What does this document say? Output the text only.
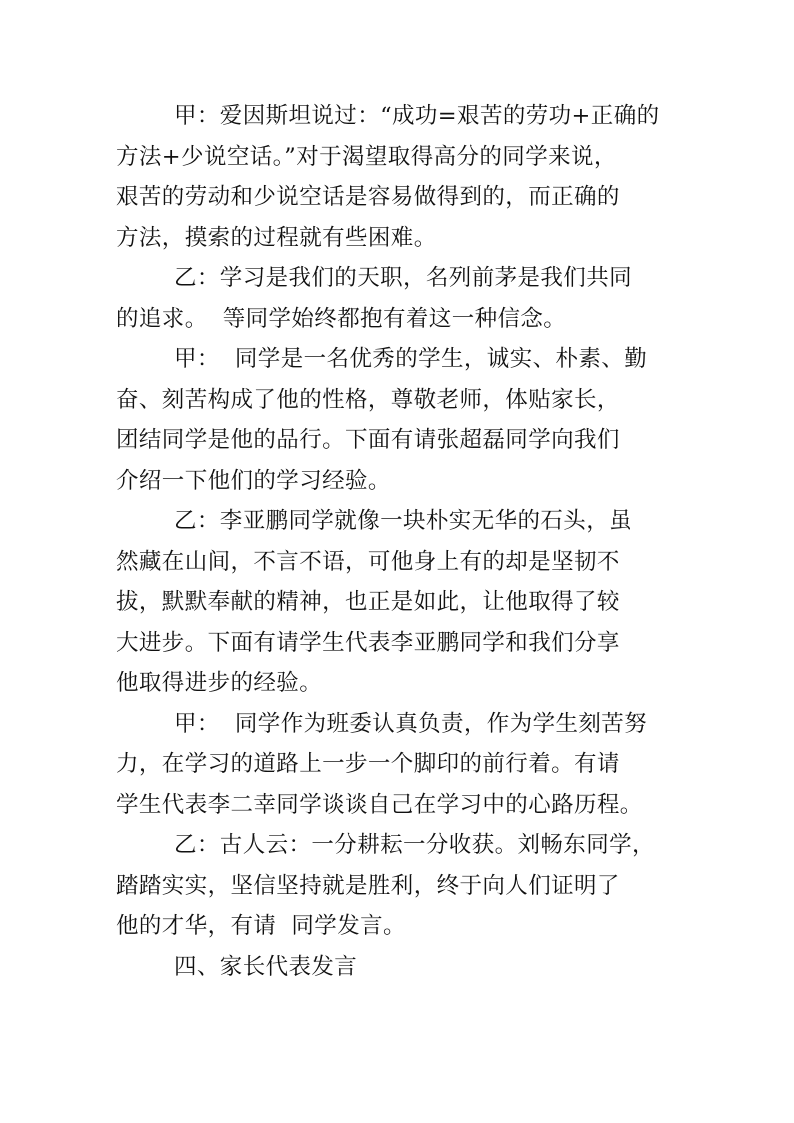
甲：爱因斯坦说过：“成功=艰苦的劳功+正确的
方法+少说空话。”对于渴望取得高分的同学来说，
艰苦的劳动和少说空话是容易做得到的，而正确的
方法，摸索的过程就有些困难。

乙：学习是我们的天职，名列前茅是我们共同
的追求。  等同学始终都抱有着这一种信念。

甲：  同学是一名优秀的学生，诚实、朴素、勤
奋、刻苦构成了他的性格，尊敬老师，体贴家长，
团结同学是他的品行。下面有请张超磊同学向我们
介绍一下他们的学习经验。

乙：李亚鹏同学就像一块朴实无华的石头，虽
然藏在山间，不言不语，可他身上有的却是坚韧不
拔，默默奉献的精神，也正是如此，让他取得了较
大进步。下面有请学生代表李亚鹏同学和我们分享
他取得进步的经验。

甲：  同学作为班委认真负责，作为学生刻苦努
力，在学习的道路上一步一个脚印的前行着。有请
学生代表李二幸同学谈谈自己在学习中的心路历程。

乙：古人云：一分耕耘一分收获。刘畅东同学，
踏踏实实，坚信坚持就是胜利，终于向人们证明了
他的才华，有请  同学发言。

四、家长代表发言
